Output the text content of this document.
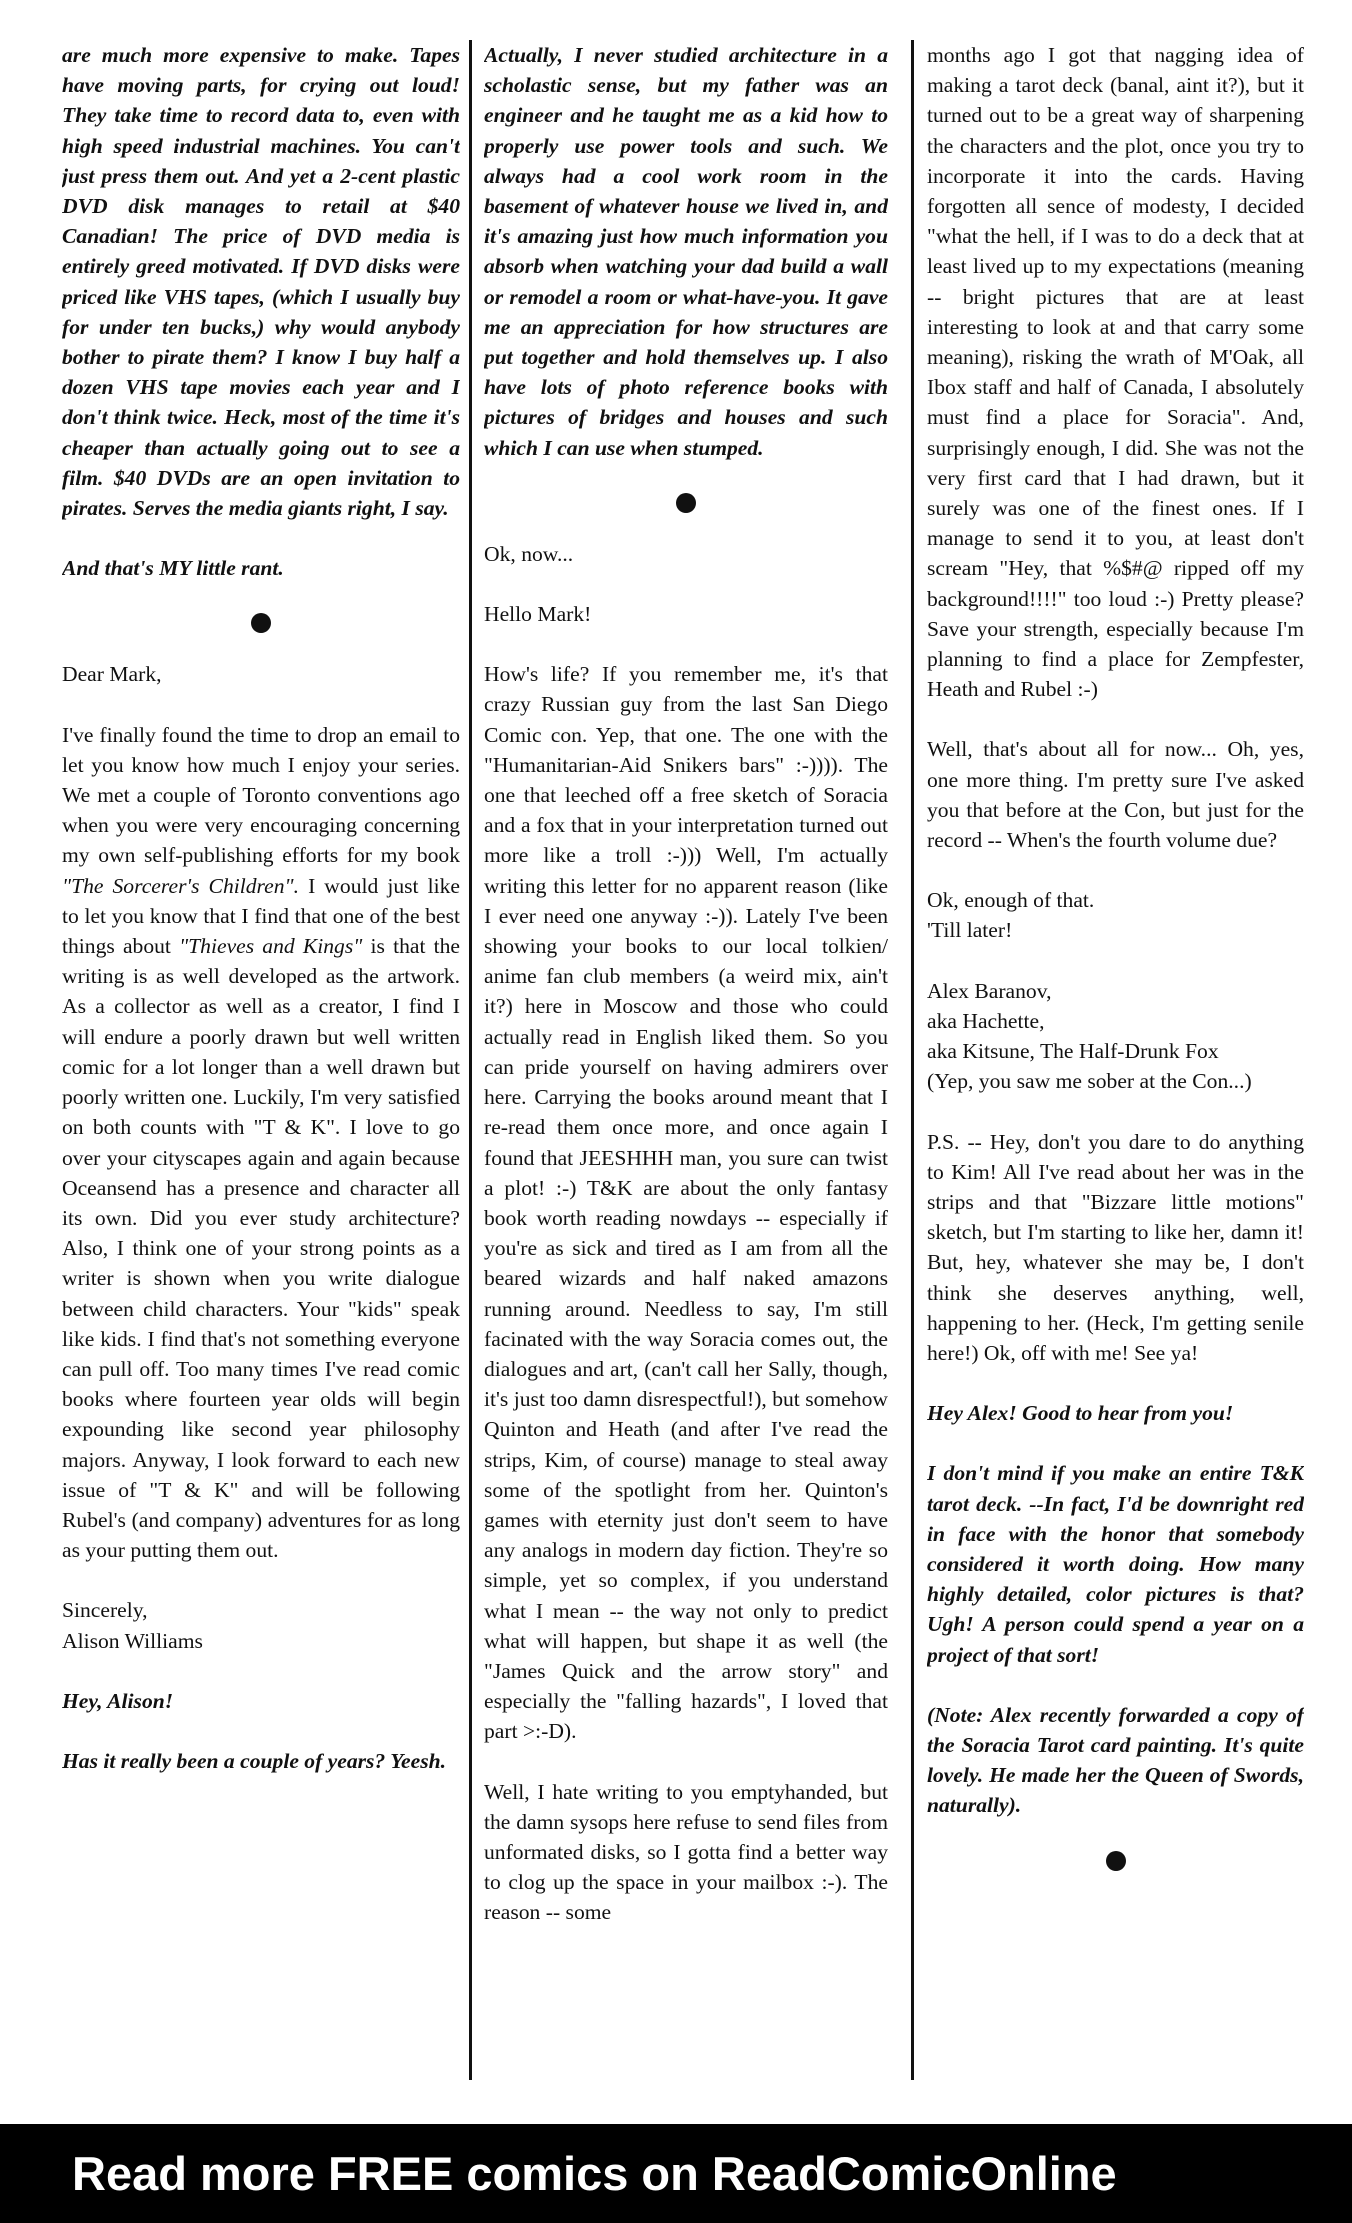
are much more expensive to make. Tapes have moving parts, for crying out loud! They take time to record data to, even with high speed industrial machines. You can't just press them out. And yet a 2-cent plastic DVD disk manages to retail at $40 Canadian! The price of DVD media is entirely greed motivated. If DVD disks were priced like VHS tapes, (which I usually buy for under ten bucks,) why would anybody bother to pirate them? I know I buy half a dozen VHS tape movies each year and I don't think twice. Heck, most of the time it's cheaper than actually going out to see a film. $40 DVDs are an open invitation to pirates. Serves the media giants right, I say.

And that's MY little rant.

Dear Mark,

I've finally found the time to drop an email to let you know how much I enjoy your series. We met a couple of Toronto conventions ago when you were very encouraging concerning my own self-publishing efforts for my book "The Sorcerer's Children". I would just like to let you know that I find that one of the best things about "Thieves and Kings" is that the writing is as well developed as the artwork. As a collector as well as a creator, I find I will endure a poorly drawn but well written comic for a lot longer than a well drawn but poorly written one. Luckily, I'm very satisfied on both counts with "T & K". I love to go over your cityscapes again and again because Oceansend has a presence and character all its own. Did you ever study architecture? Also, I think one of your strong points as a writer is shown when you write dialogue between child characters. Your "kids" speak like kids. I find that's not something everyone can pull off. Too many times I've read comic books where fourteen year olds will begin expounding like second year philosophy majors. Anyway, I look forward to each new issue of "T & K" and will be following Rubel's (and company) adventures for as long as your putting them out.

Sincerely,

Alison Williams

Hey, Alison!

Has it really been a couple of years? Yeesh.

Actually, I never studied architecture in a scholastic sense, but my father was an engineer and he taught me as a kid how to properly use power tools and such. We always had a cool work room in the basement of whatever house we lived in, and it's amazing just how much information you absorb when watching your dad build a wall or remodel a room or what-have-you. It gave me an appreciation for how structures are put together and hold themselves up. I also have lots of photo reference books with pictures of bridges and houses and such which I can use when stumped.

Ok, now...

Hello Mark!

How's life? If you remember me, it's that crazy Russian guy from the last San Diego Comic con. Yep, that one. The one with the "Humanitarian-Aid Snikers bars" :-)))). The one that leeched off a free sketch of Soracia and a fox that in your interpretation turned out more like a troll :-))) Well, I'm actually writing this letter for no apparent reason (like I ever need one anyway :-)). Lately I've been showing your books to our local tolkien/ anime fan club members (a weird mix, ain't it?) here in Moscow and those who could actually read in English liked them. So you can pride yourself on having admirers over here. Carrying the books around meant that I re-read them once more, and once again I found that JEESHHH man, you sure can twist a plot! :-) T&K are about the only fantasy book worth reading nowdays -- especially if you're as sick and tired as I am from all the beared wizards and half naked amazons running around. Needless to say, I'm still facinated with the way Soracia comes out, the dialogues and art, (can't call her Sally, though, it's just too damn disrespectful!), but somehow Quinton and Heath (and after I've read the strips, Kim, of course) manage to steal away some of the spotlight from her. Quinton's games with eternity just don't seem to have any analogs in modern day fiction. They're so simple, yet so complex, if you understand what I mean -- the way not only to predict what will happen, but shape it as well (the "James Quick and the arrow story" and especially the "falling hazards", I loved that part >:-D).

Well, I hate writing to you emptyhanded, but the damn sysops here refuse to send files from unformated disks, so I gotta find a better way to clog up the space in your mailbox :-). The reason -- some

months ago I got that nagging idea of making a tarot deck (banal, aint it?), but it turned out to be a great way of sharpening the characters and the plot, once you try to incorporate it into the cards. Having forgotten all sence of modesty, I decided "what the hell, if I was to do a deck that at least lived up to my expectations (meaning -- bright pictures that are at least interesting to look at and that carry some meaning), risking the wrath of M'Oak, all Ibox staff and half of Canada, I absolutely must find a place for Soracia". And, surprisingly enough, I did. She was not the very first card that I had drawn, but it surely was one of the finest ones. If I manage to send it to you, at least don't scream "Hey, that %$#@ ripped off my background!!!!" too loud :-) Pretty please? Save your strength, especially because I'm planning to find a place for Zempfester, Heath and Rubel :-)

Well, that's about all for now... Oh, yes, one more thing. I'm pretty sure I've asked you that before at the Con, but just for the record -- When's the fourth volume due?

Ok, enough of that.

'Till later!

Alex Baranov,

aka Hachette,

aka Kitsune, The Half-Drunk Fox

(Yep, you saw me sober at the Con...)

P.S. -- Hey, don't you dare to do anything to Kim! All I've read about her was in the strips and that "Bizzare little motions" sketch, but I'm starting to like her, damn it! But, hey, whatever she may be, I don't think she deserves anything, well, happening to her. (Heck, I'm getting senile here!) Ok, off with me! See ya!

Hey Alex! Good to hear from you!

I don't mind if you make an entire T&K tarot deck. --In fact, I'd be downright red in face with the honor that somebody considered it worth doing. How many highly detailed, color pictures is that? Ugh! A person could spend a year on a project of that sort!

(Note: Alex recently forwarded a copy of the Soracia Tarot card painting. It's quite lovely. He made her the Queen of Swords, naturally).

Read more FREE comics on ReadComicOnline
